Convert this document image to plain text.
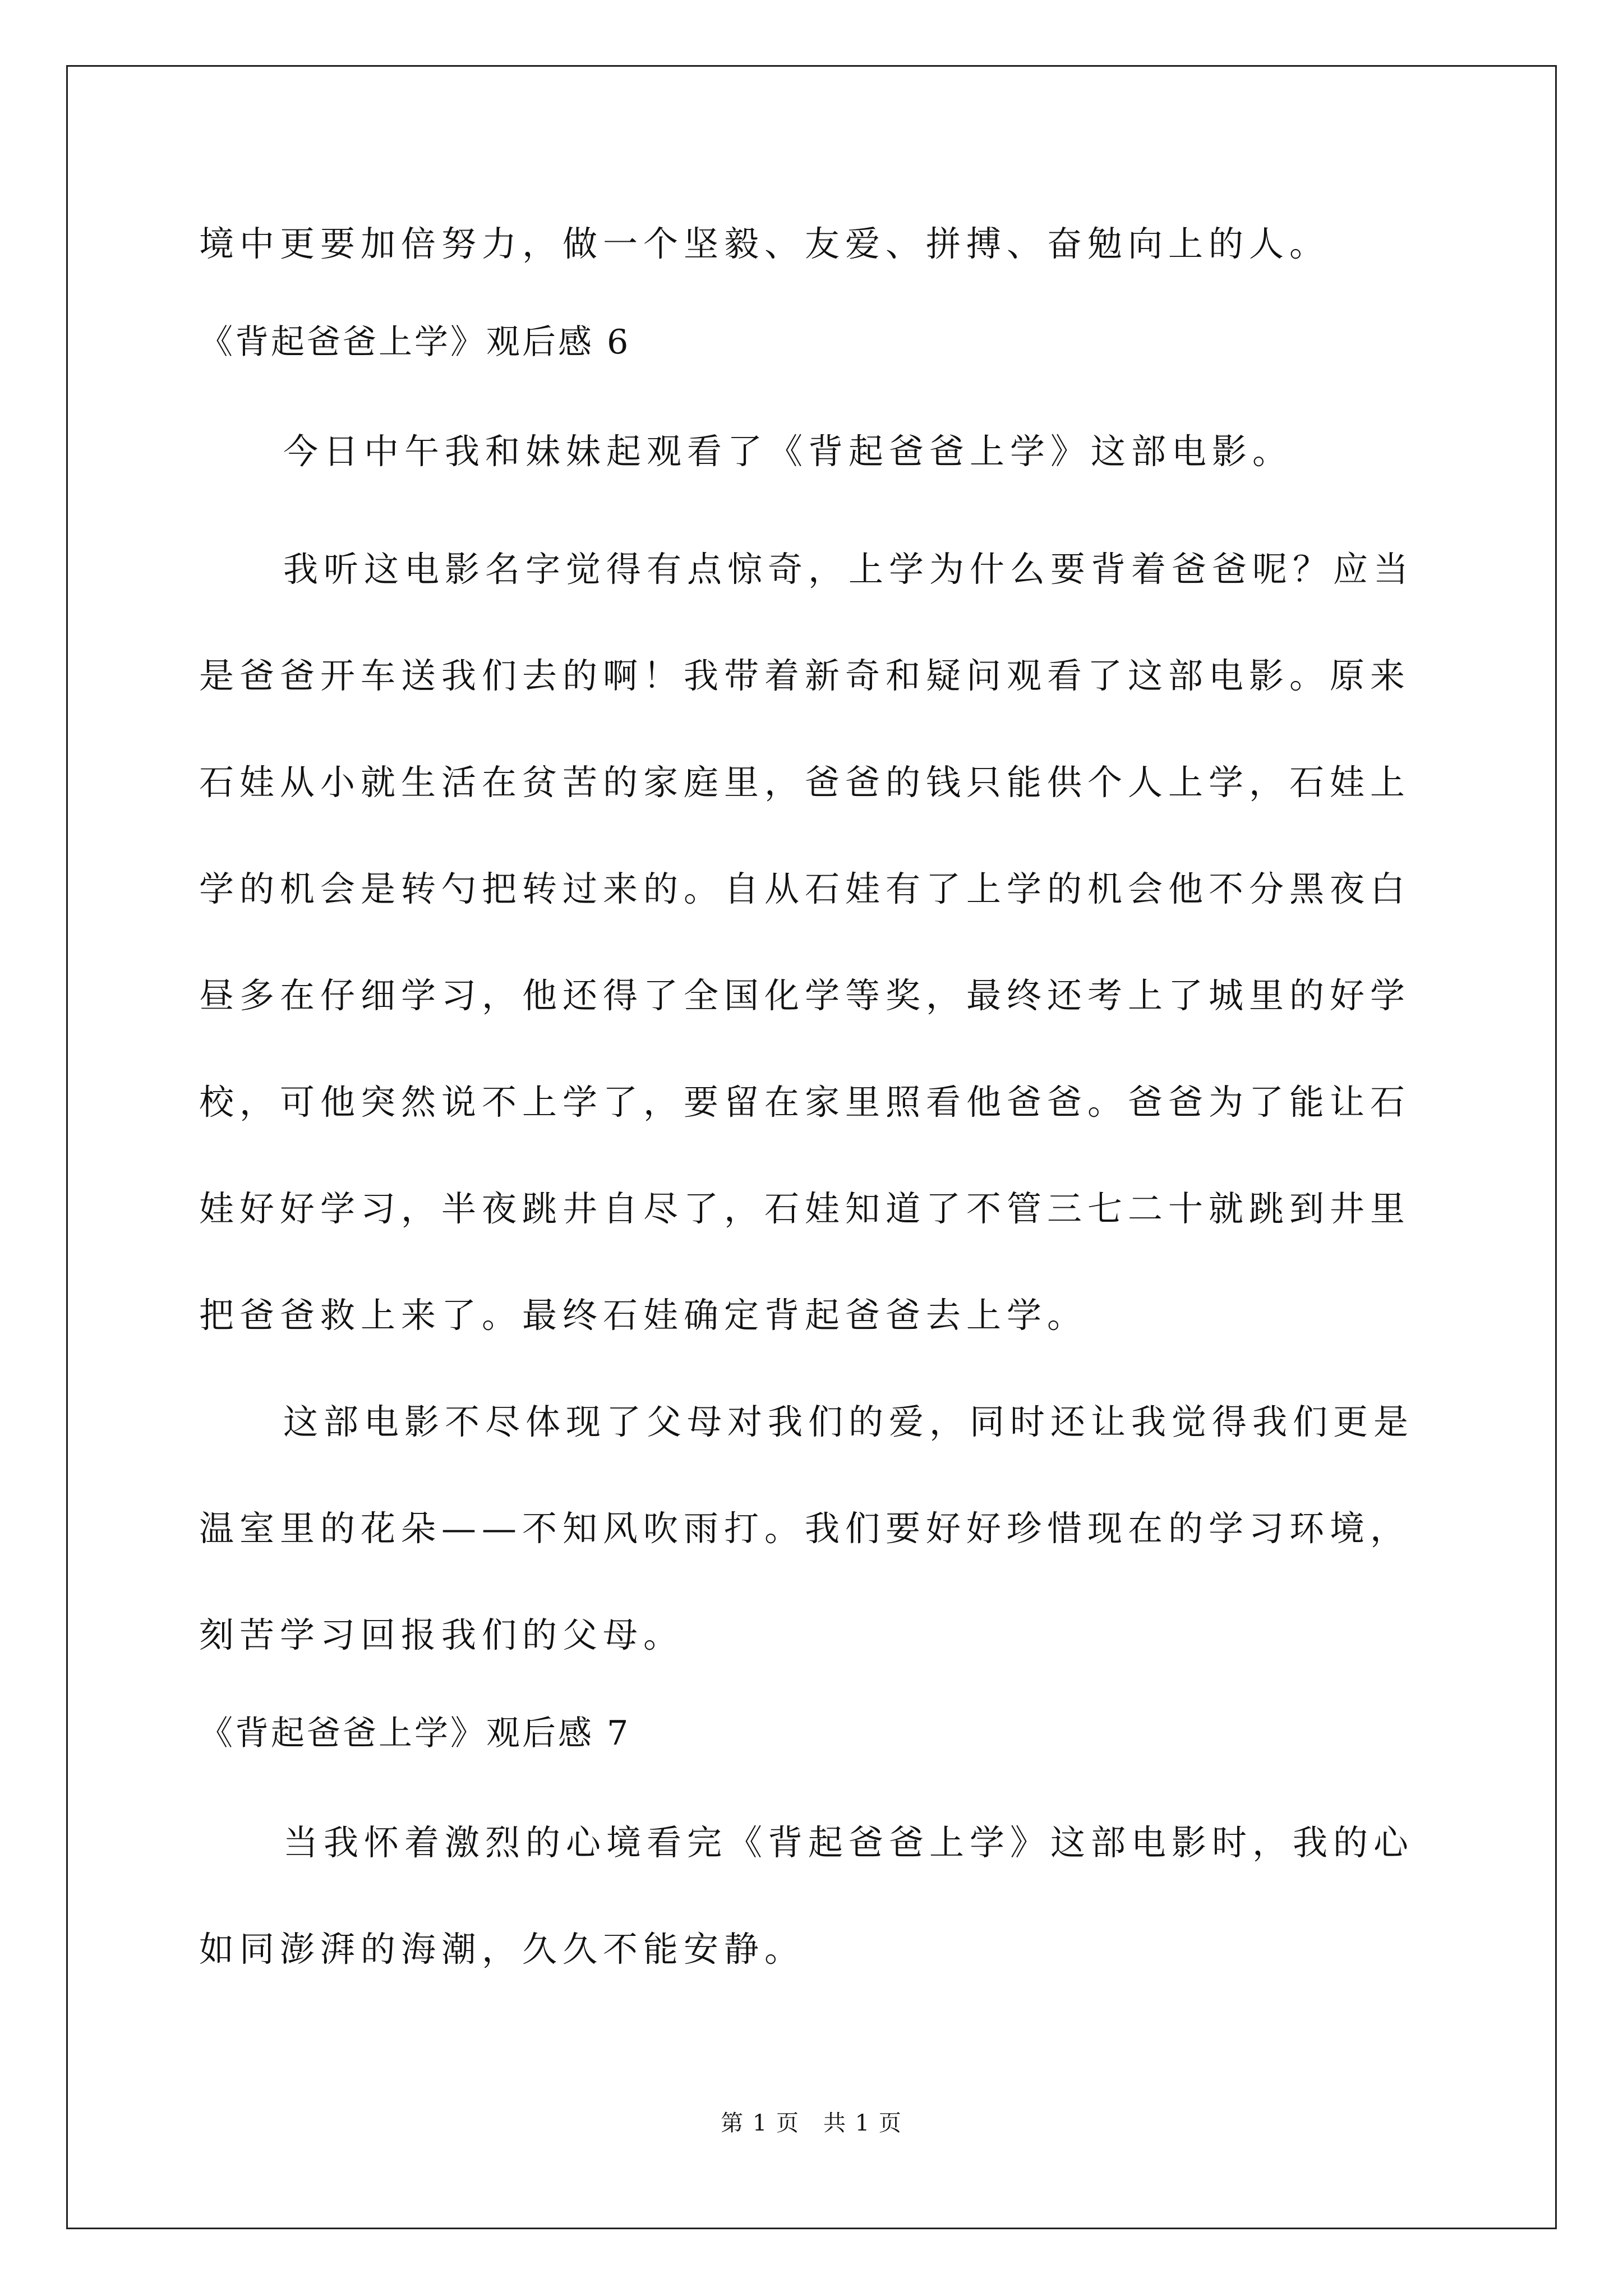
境中更要加倍努力，做一个坚毅、友爱、拼搏、奋勉向上的人。
《背起爸爸上学》观后感 6
今日中午我和妹妹起观看了《背起爸爸上学》这部电影。
我听这电影名字觉得有点惊奇，上学为什么要背着爸爸呢？应当
是爸爸开车送我们去的啊！我带着新奇和疑问观看了这部电影。原来
石娃从小就生活在贫苦的家庭里，爸爸的钱只能供个人上学，石娃上
学的机会是转勺把转过来的。自从石娃有了上学的机会他不分黑夜白
昼多在仔细学习，他还得了全国化学等奖，最终还考上了城里的好学
校，可他突然说不上学了，要留在家里照看他爸爸。爸爸为了能让石
娃好好学习，半夜跳井自尽了，石娃知道了不管三七二十就跳到井里
把爸爸救上来了。最终石娃确定背起爸爸去上学。
这部电影不尽体现了父母对我们的爱，同时还让我觉得我们更是
温室里的花朵——不知风吹雨打。我们要好好珍惜现在的学习环境，
刻苦学习回报我们的父母。
《背起爸爸上学》观后感 7
当我怀着激烈的心境看完《背起爸爸上学》这部电影时，我的心
如同澎湃的海潮，久久不能安静。
第 1 页　共 1 页
